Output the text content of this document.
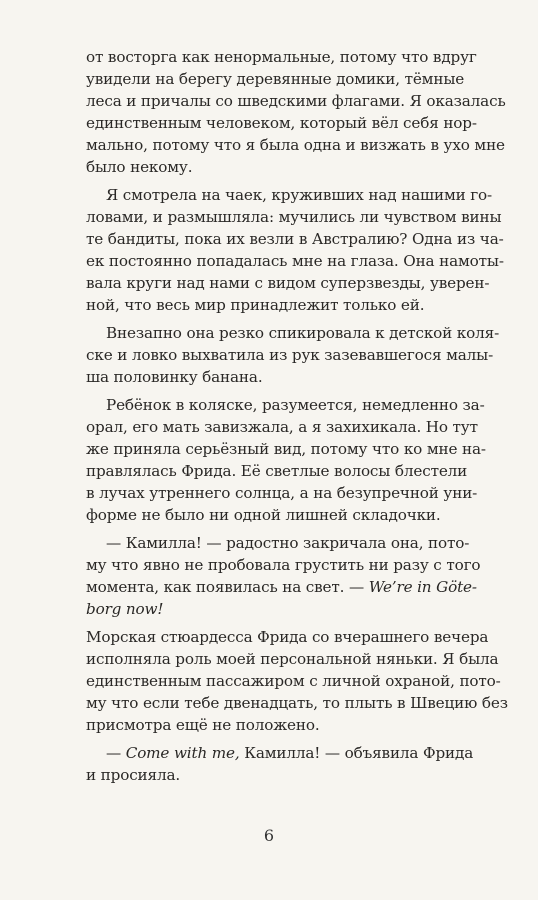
от восторга как ненормальные, потому что вдруг
увидели на берегу деревянные домики, тёмные
леса и причалы со шведскими флагами. Я оказалась
единственным человеком, который вёл себя нор-
мально, потому что я была одна и визжать в ухо мне
было некому.

Я смотрела на чаек, круживших над нашими го-
ловами, и размышляла: мучились ли чувством вины
те бандиты, пока их везли в Австралию? Одна из ча-
ек постоянно попадалась мне на глаза. Она намоты-
вала круги над нами с видом суперзвезды, уверен-
ной, что весь мир принадлежит только ей.

Внезапно она резко спикировала к детской коля-
ске и ловко выхватила из рук зазевавшегося малы-
ша половинку банана.

Ребёнок в коляске, разумеется, немедленно за-
орал, его мать завизжала, а я захихикала. Но тут
же приняла серьёзный вид, потому что ко мне на-
правлялась Фрида. Её светлые волосы блестели
в лучах утреннего солнца, а на безупречной уни-
форме не было ни одной лишней складочки.

— Камилла! — радостно закричала она, пото-
му что явно не пробовала грустить ни разу с того
момента, как появилась на свет. — We’re in Göte-
borg now!

Морская стюардесса Фрида со вчерашнего вечера
исполняла роль моей персональной няньки. Я была
единственным пассажиром с личной охраной, пото-
му что если тебе двенадцать, то плыть в Швецию без
присмотра ещё не положено.

— Come with me, Камилла! — объявила Фрида
и просияла.

6
